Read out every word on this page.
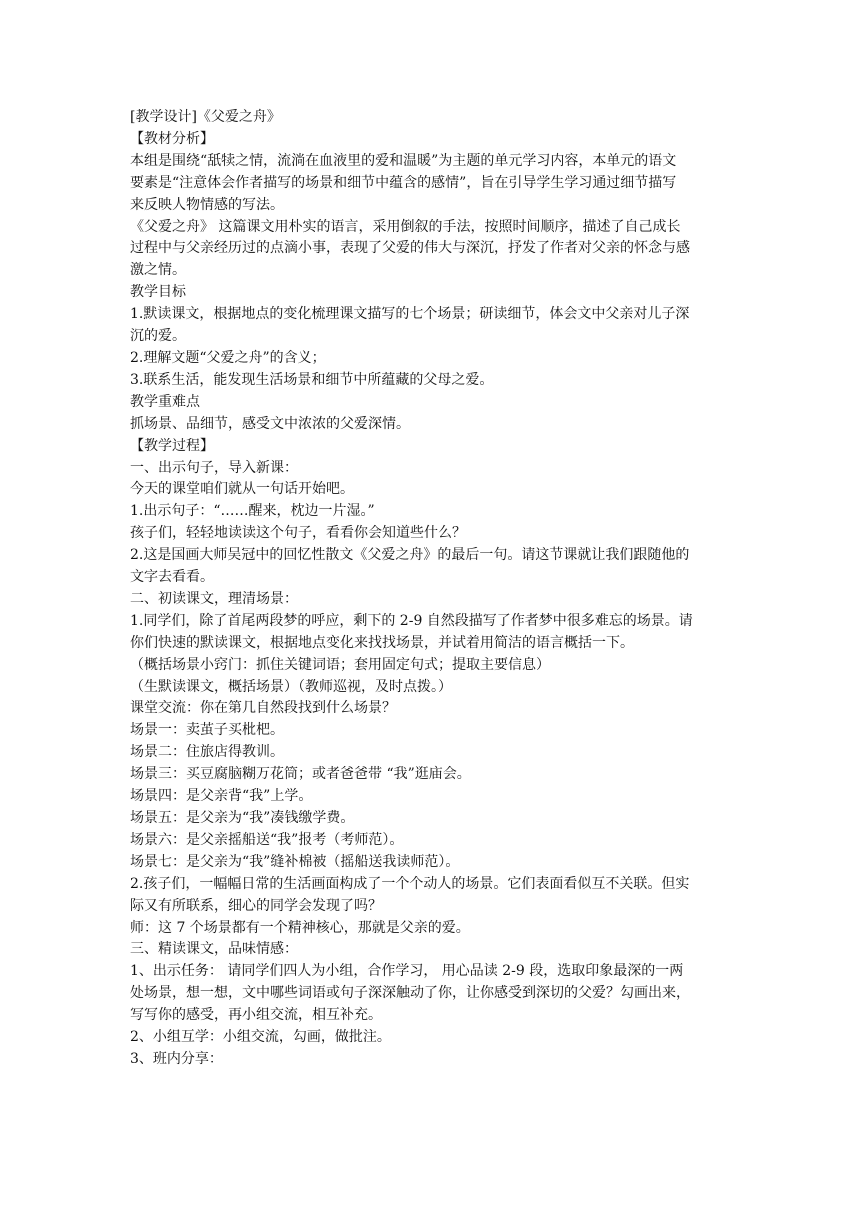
[教学设计]《父爱之舟》

【教材分析】

本组是围绕“舐犊之情，流淌在血液里的爱和温暖”为主题的单元学习内容，本单元的语文

要素是“注意体会作者描写的场景和细节中蕴含的感情”，旨在引导学生学习通过细节描写

来反映人物情感的写法。

《父爱之舟》 这篇课文用朴实的语言，采用倒叙的手法，按照时间顺序，描述了自己成长

过程中与父亲经历过的点滴小事，表现了父爱的伟大与深沉，抒发了作者对父亲的怀念与感

激之情。

教学目标

1.默读课文，根据地点的变化梳理课文描写的七个场景；研读细节，体会文中父亲对儿子深

沉的爱。

2.理解文题“父爱之舟”的含义；

3.联系生活，能发现生活场景和细节中所蕴藏的父母之爱。

教学重难点

抓场景、品细节，感受文中浓浓的父爱深情。

【教学过程】

一、出示句子，导入新课：

今天的课堂咱们就从一句话开始吧。

1.出示句子：“……醒来，枕边一片湿。”

孩子们，轻轻地读读这个句子，看看你会知道些什么？

2.这是国画大师吴冠中的回忆性散文《父爱之舟》的最后一句。请这节课就让我们跟随他的

文字去看看。

二、初读课文，理清场景：

1.同学们，除了首尾两段梦的呼应，剩下的 2-9 自然段描写了作者梦中很多难忘的场景。请

你们快速的默读课文，根据地点变化来找找场景，并试着用简洁的语言概括一下。

（概括场景小窍门：抓住关键词语；套用固定句式；提取主要信息）

（生默读课文，概括场景）（教师巡视，及时点拨。）

课堂交流：你在第几自然段找到什么场景？

场景一：卖茧子买枇杷。

场景二：住旅店得教训。

场景三：买豆腐脑糊万花筒；或者爸爸带 “我”逛庙会。

场景四：是父亲背“我”上学。

场景五：是父亲为“我”凑钱缴学费。

场景六：是父亲摇船送“我”报考（考师范）。

场景七：是父亲为“我”缝补棉被（摇船送我读师范）。

2.孩子们，一幅幅日常的生活画面构成了一个个动人的场景。它们表面看似互不关联。但实

际又有所联系，细心的同学会发现了吗？

师：这 7 个场景都有一个精神核心，那就是父亲的爱。

三、精读课文，品味情感：

1、出示任务： 请同学们四人为小组，合作学习， 用心品读 2-9 段，选取印象最深的一两

处场景，想一想，文中哪些词语或句子深深触动了你，让你感受到深切的父爱？勾画出来，

写写你的感受，再小组交流，相互补充。

2、小组互学：小组交流，勾画，做批注。

3、班内分享：
